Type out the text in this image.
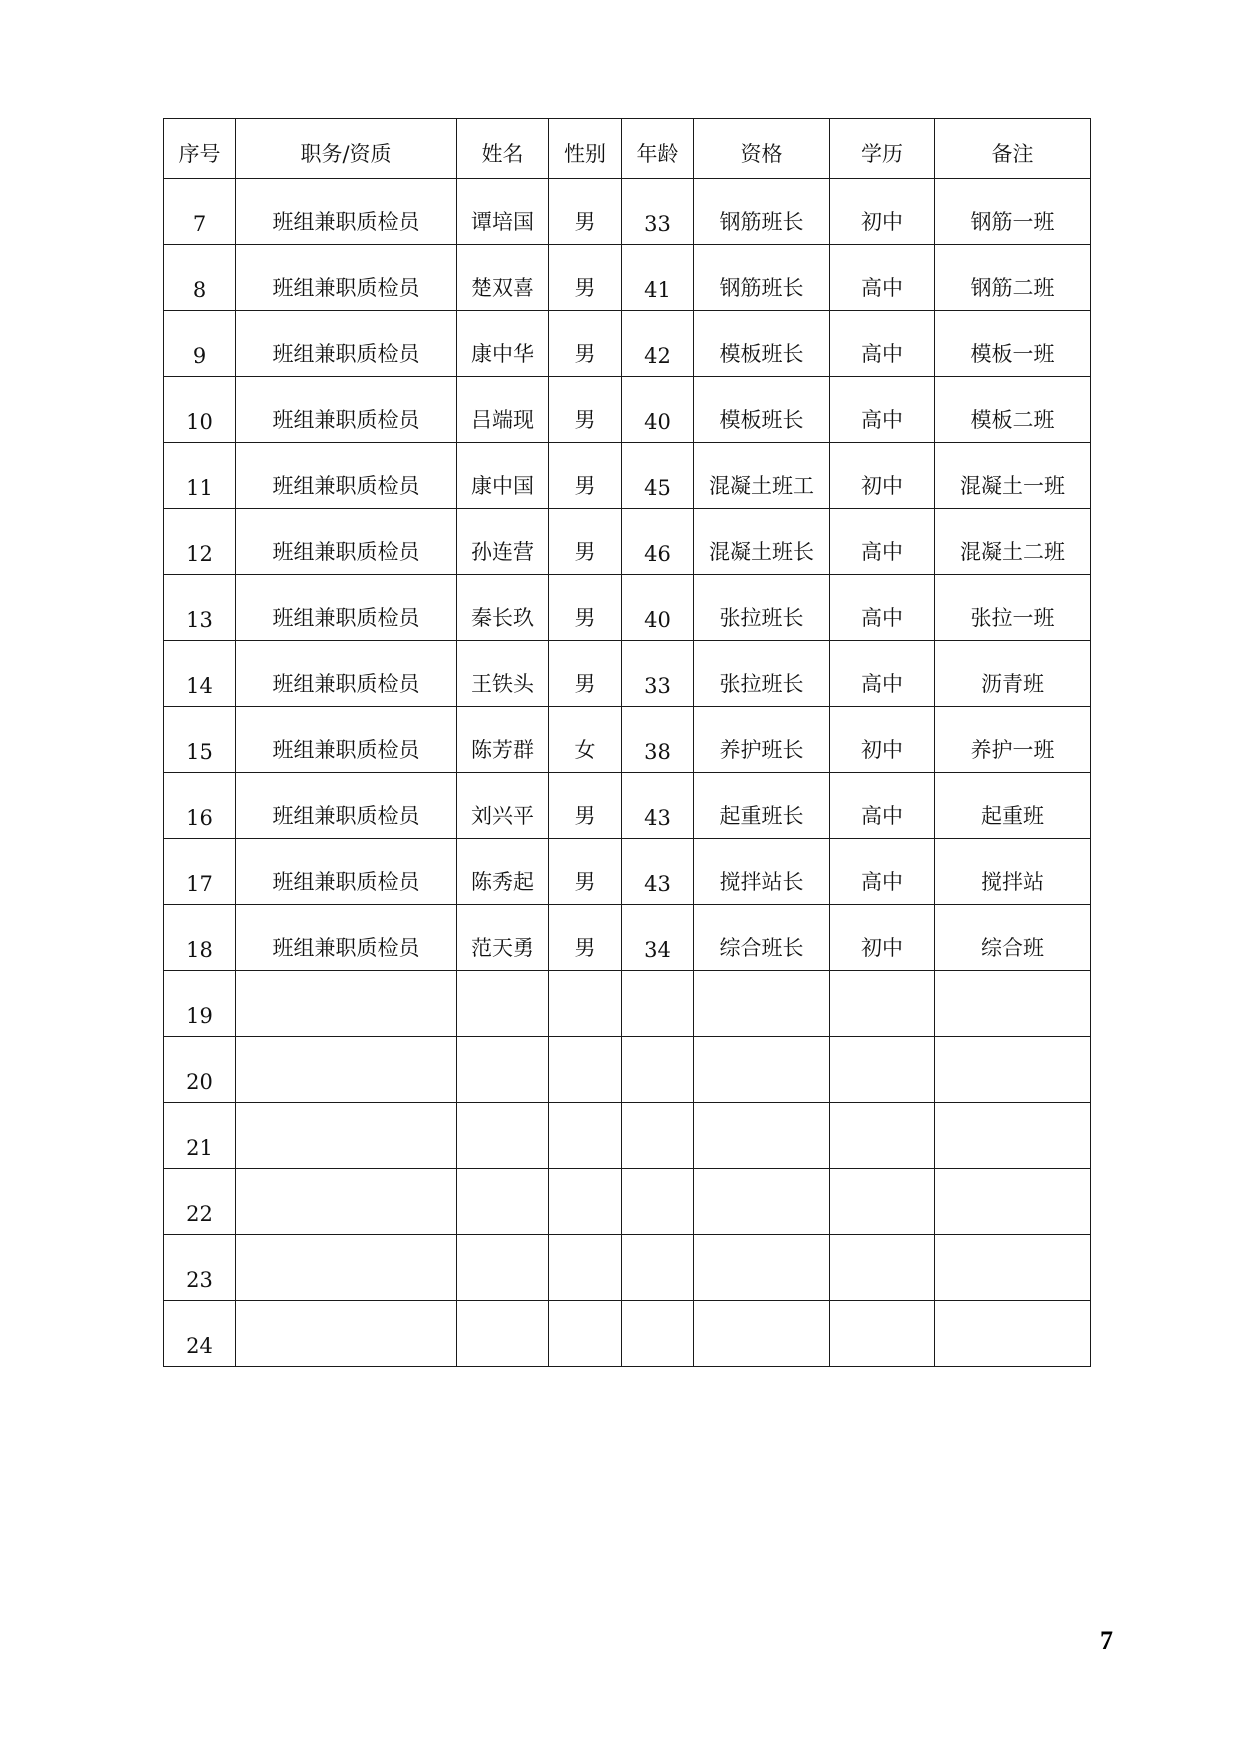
序号	职务/资质	姓名	性别	年龄	资格	学历	备注
7	班组兼职质检员	谭培国	男	33	钢筋班长	初中	钢筋一班
8	班组兼职质检员	楚双喜	男	41	钢筋班长	高中	钢筋二班
9	班组兼职质检员	康中华	男	42	模板班长	高中	模板一班
10	班组兼职质检员	吕端现	男	40	模板班长	高中	模板二班
11	班组兼职质检员	康中国	男	45	混凝土班工	初中	混凝土一班
12	班组兼职质检员	孙连营	男	46	混凝土班长	高中	混凝土二班
13	班组兼职质检员	秦长玖	男	40	张拉班长	高中	张拉一班
14	班组兼职质检员	王铁头	男	33	张拉班长	高中	沥青班
15	班组兼职质检员	陈芳群	女	38	养护班长	初中	养护一班
16	班组兼职质检员	刘兴平	男	43	起重班长	高中	起重班
17	班组兼职质检员	陈秀起	男	43	搅拌站长	高中	搅拌站
18	班组兼职质检员	范天勇	男	34	综合班长	初中	综合班
19							
20							
21							
22							
23							
24							
7
